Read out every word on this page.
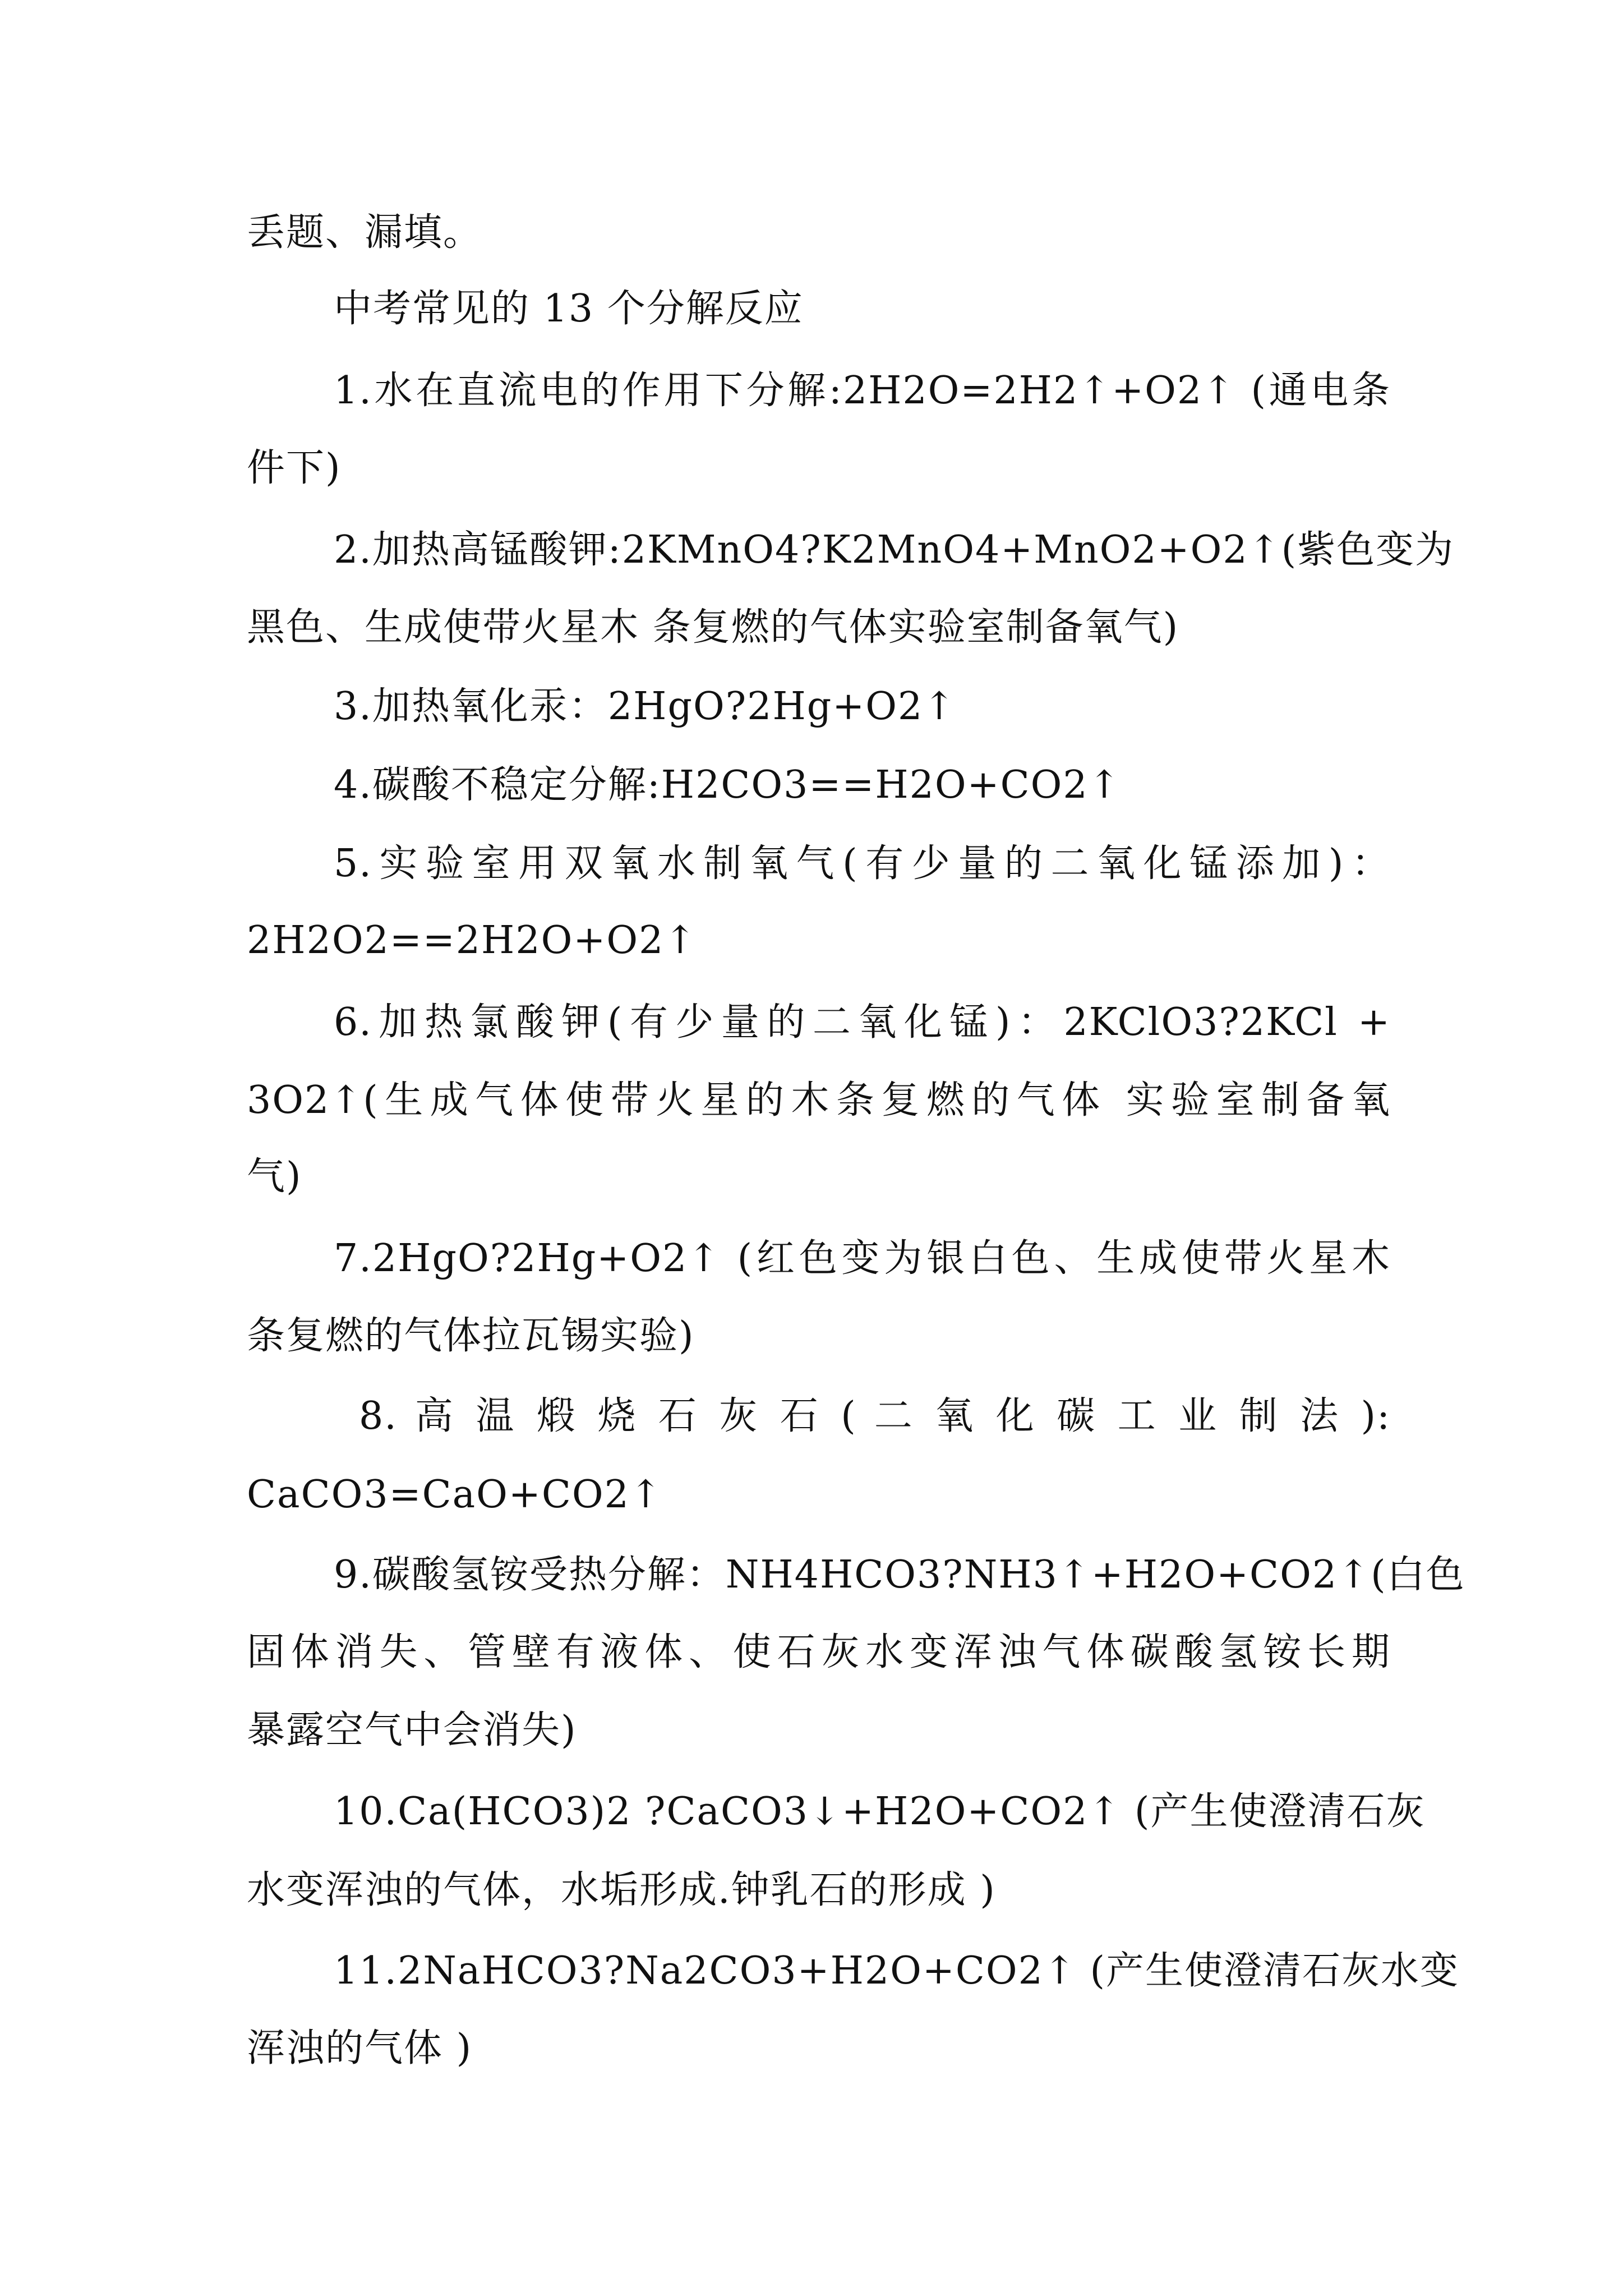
丢题、漏填。
中考常见的 13 个分解反应
1.水在直流电的作用下分解:2H2O=2H2↑+O2↑ (通电条
件下)
2.加热高锰酸钾:2KMnO4?K2MnO4+MnO2+O2↑(紫色变为
黑色、生成使带火星木 条复燃的气体实验室制备氧气)
3.加热氧化汞：2HgO?2Hg+O2↑
4.碳酸不稳定分解:H2CO3==H2O+CO2↑
5.实验室用双氧水制氧气(有少量的二氧化锰添加)：
2H2O2==2H2O+O2↑
6.加热氯酸钾(有少量的二氧化锰)：2KClO3?2KCl +
3O2↑(生成气体使带火星的木条复燃的气体 实验室制备氧
气)
7.2HgO?2Hg+O2↑ (红色变为银白色、生成使带火星木
条复燃的气体拉瓦锡实验)
8. 高 温 煅 烧 石 灰 石 ( 二 氧 化 碳 工 业 制 法 ):
CaCO3=CaO+CO2↑
9.碳酸氢铵受热分解：NH4HCO3?NH3↑+H2O+CO2↑(白色
固体消失、管壁有液体、使石灰水变浑浊气体碳酸氢铵长期
暴露空气中会消失)
10.Ca(HCO3)2 ?CaCO3↓+H2O+CO2↑ (产生使澄清石灰
水变浑浊的气体，水垢形成.钟乳石的形成 )
11.2NaHCO3?Na2CO3+H2O+CO2↑ (产生使澄清石灰水变
浑浊的气体 )
